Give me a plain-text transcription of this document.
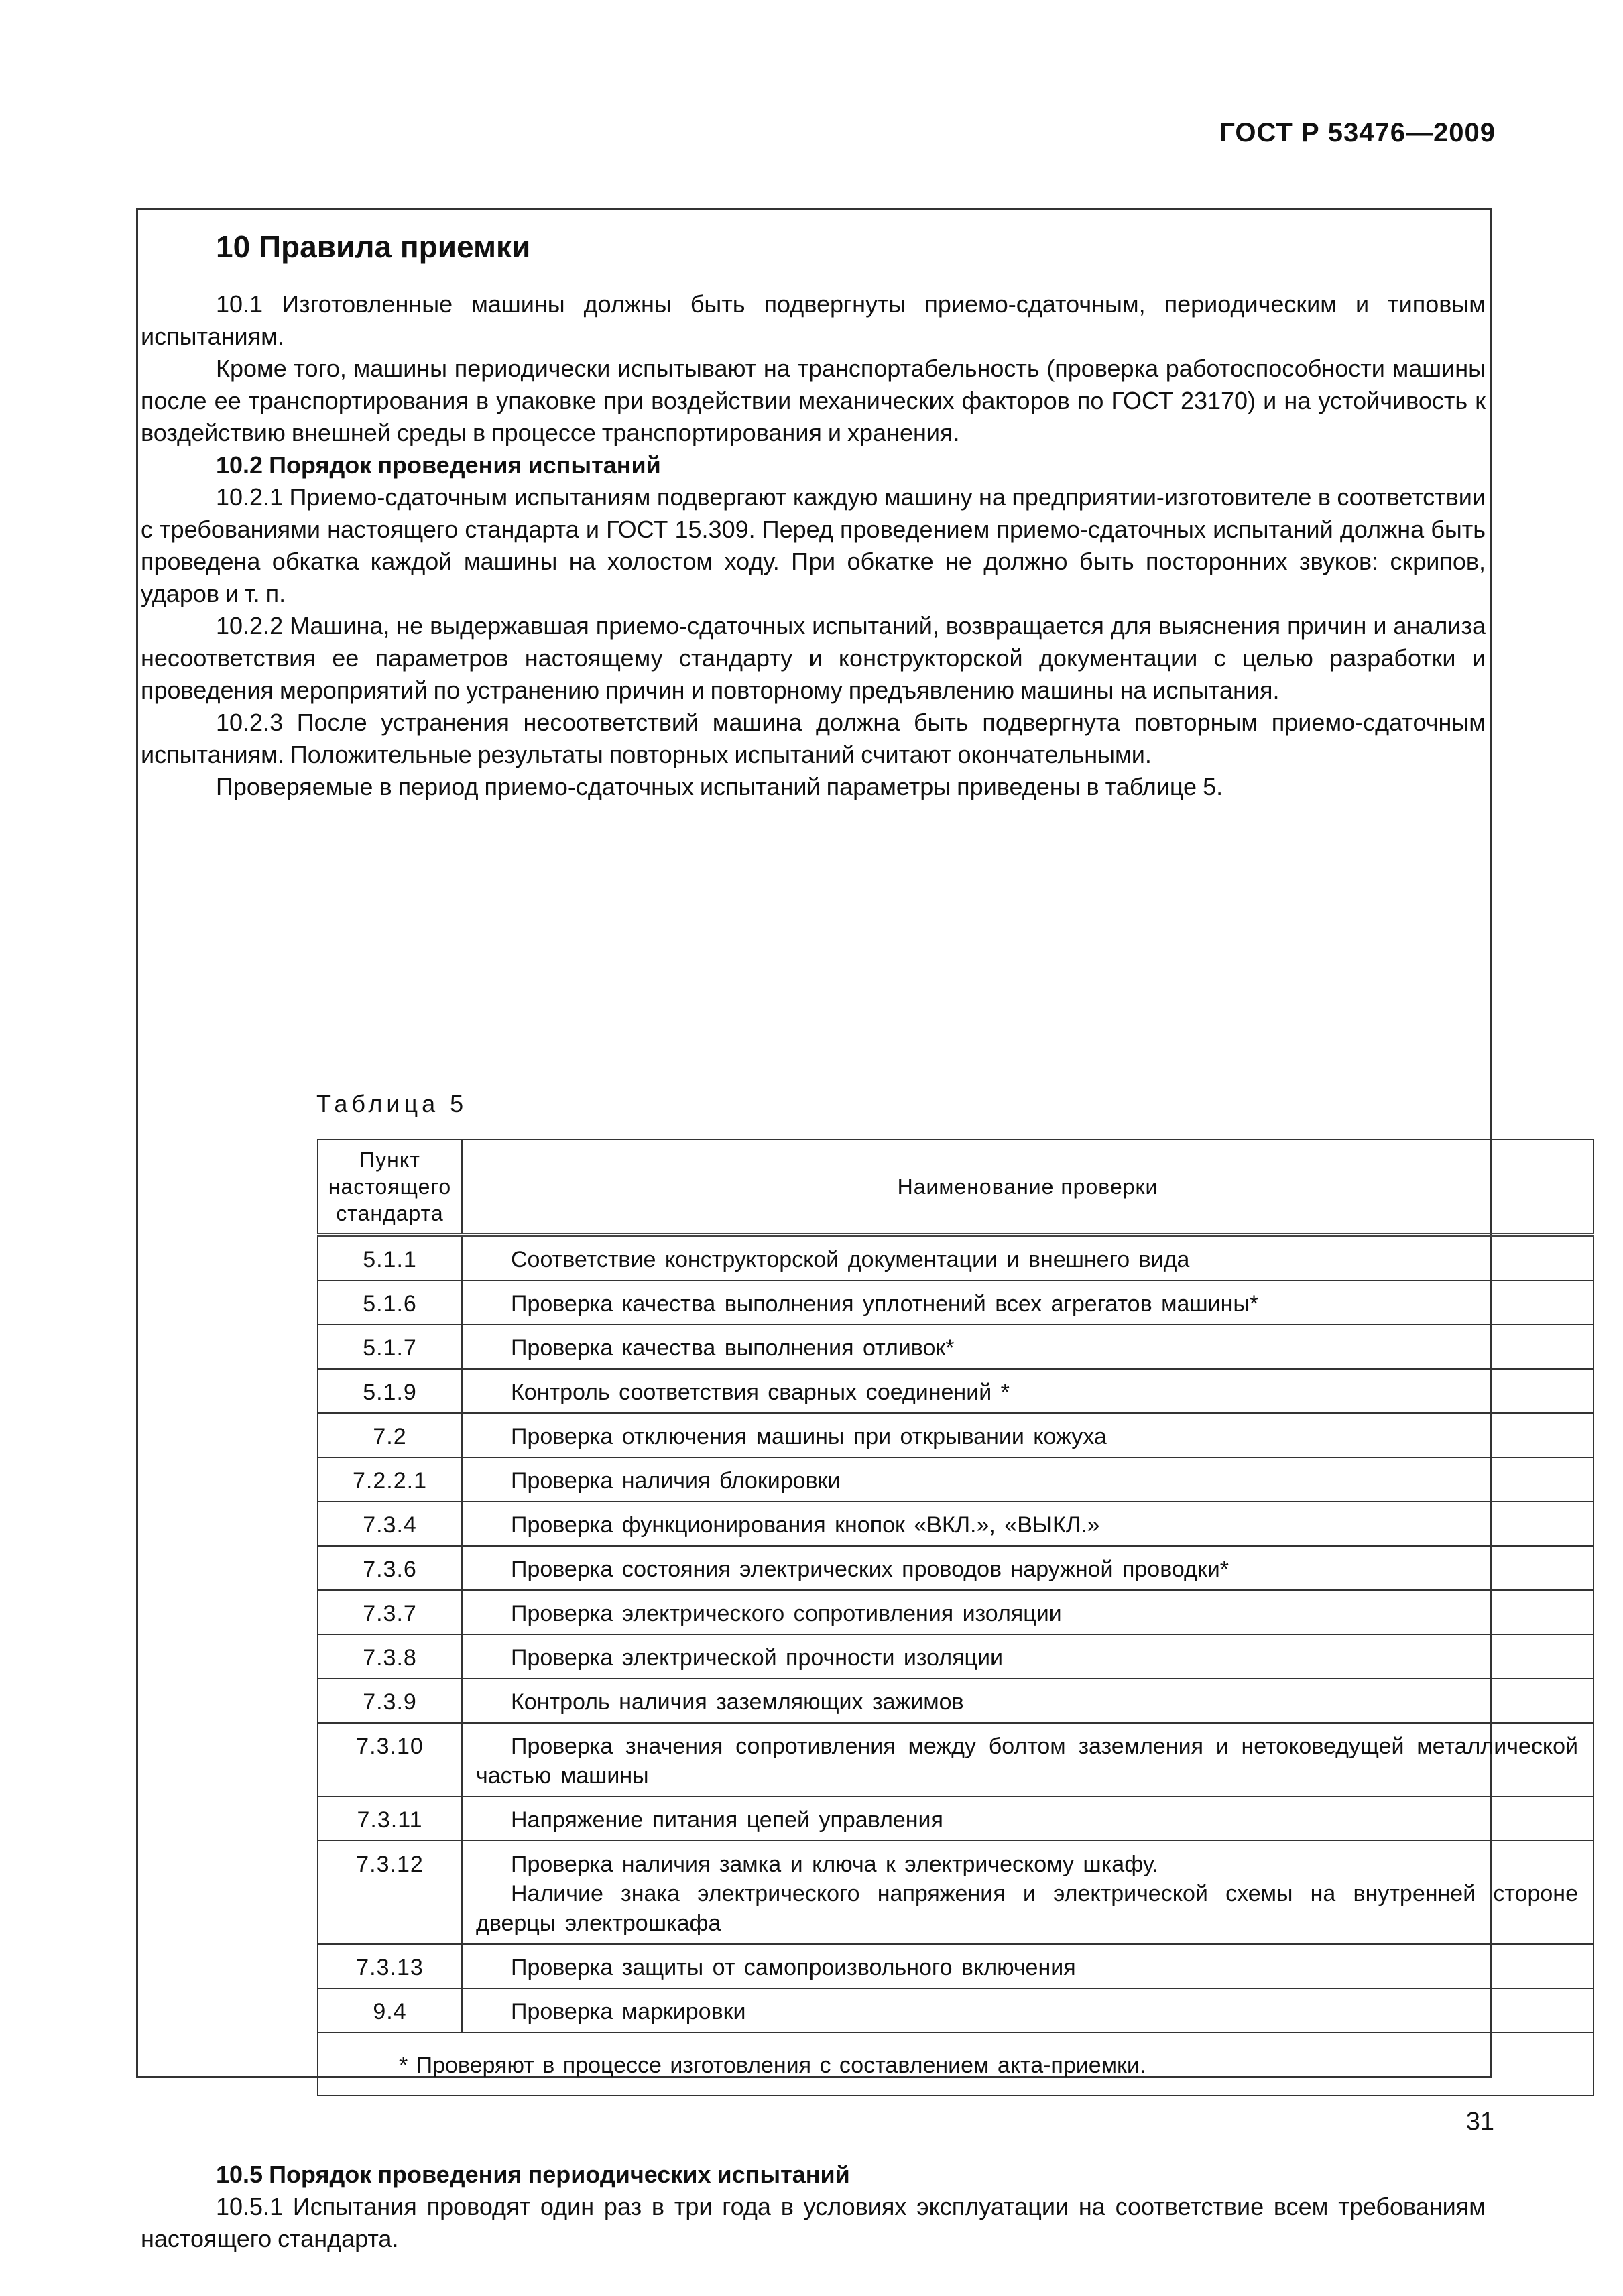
ГОСТ Р 53476—2009
10 Правила приемки

10.1 Изготовленные машины должны быть подвергнуты приемо-сдаточным, периодическим и типовым испытаниям.

Кроме того, машины периодически испытывают на транспортабельность (проверка работоспособности машины после ее транспортирования в упаковке при воздействии механических факторов по ГОСТ 23170) и на устойчивость к воздействию внешней среды в процессе транспортирования и хранения.

10.2 Порядок проведения испытаний

10.2.1 Приемо-сдаточным испытаниям подвергают каждую машину на предприятии-изготовителе в соответствии с требованиями настоящего стандарта и ГОСТ 15.309. Перед проведением приемо-сдаточных испытаний должна быть проведена обкатка каждой машины на холостом ходу. При обкатке не должно быть посторонних звуков: скрипов, ударов и т. п.

10.2.2 Машина, не выдержавшая приемо-сдаточных испытаний, возвращается для выяснения причин и анализа несоответствия ее параметров настоящему стандарту и конструкторской документации с целью разработки и проведения мероприятий по устранению причин и повторному предъявлению машины на испытания.

10.2.3 После устранения несоответствий машина должна быть подвергнута повторным приемо-сдаточным испытаниям. Положительные результаты повторных испытаний считают окончательными.

Проверяемые в период приемо-сдаточных испытаний параметры приведены в таблице 5.

Таблица 5
Пункт
настоящего
стандарта	Наименование проверки
5.1.1	Соответствие конструкторской документации и внешнего вида

5.1.6	Проверка качества выполнения уплотнений всех агрегатов машины*

5.1.7	Проверка качества выполнения отливок*

5.1.9	Контроль соответствия сварных соединений *

7.2	Проверка отключения машины при открывании кожуха

7.2.2.1	Проверка наличия блокировки

7.3.4	Проверка функционирования кнопок «ВКЛ.», «ВЫКЛ.»

7.3.6	Проверка состояния электрических проводов наружной проводки*

7.3.7	Проверка электрического сопротивления изоляции

7.3.8	Проверка электрической прочности изоляции

7.3.9	Контроль наличия заземляющих зажимов

7.3.10	Проверка значения сопротивления между болтом заземления и нетоковедущей металлической частью машины

7.3.11	Напряжение питания цепей управления

7.3.12	Проверка наличия замка и ключа к электрическому шкафу.
Наличие знака электрического напряжения и электрической схемы на внутренней стороне дверцы электрошкафа

7.3.13	Проверка защиты от самопроизвольного включения

9.4	Проверка маркировки

* Проверяют в процессе изготовления с составлением акта-приемки.	

10.5 Порядок проведения периодических испытаний

10.5.1 Испытания проводят один раз в три года в условиях эксплуатации на соответствие всем требованиям настоящего стандарта.

31
